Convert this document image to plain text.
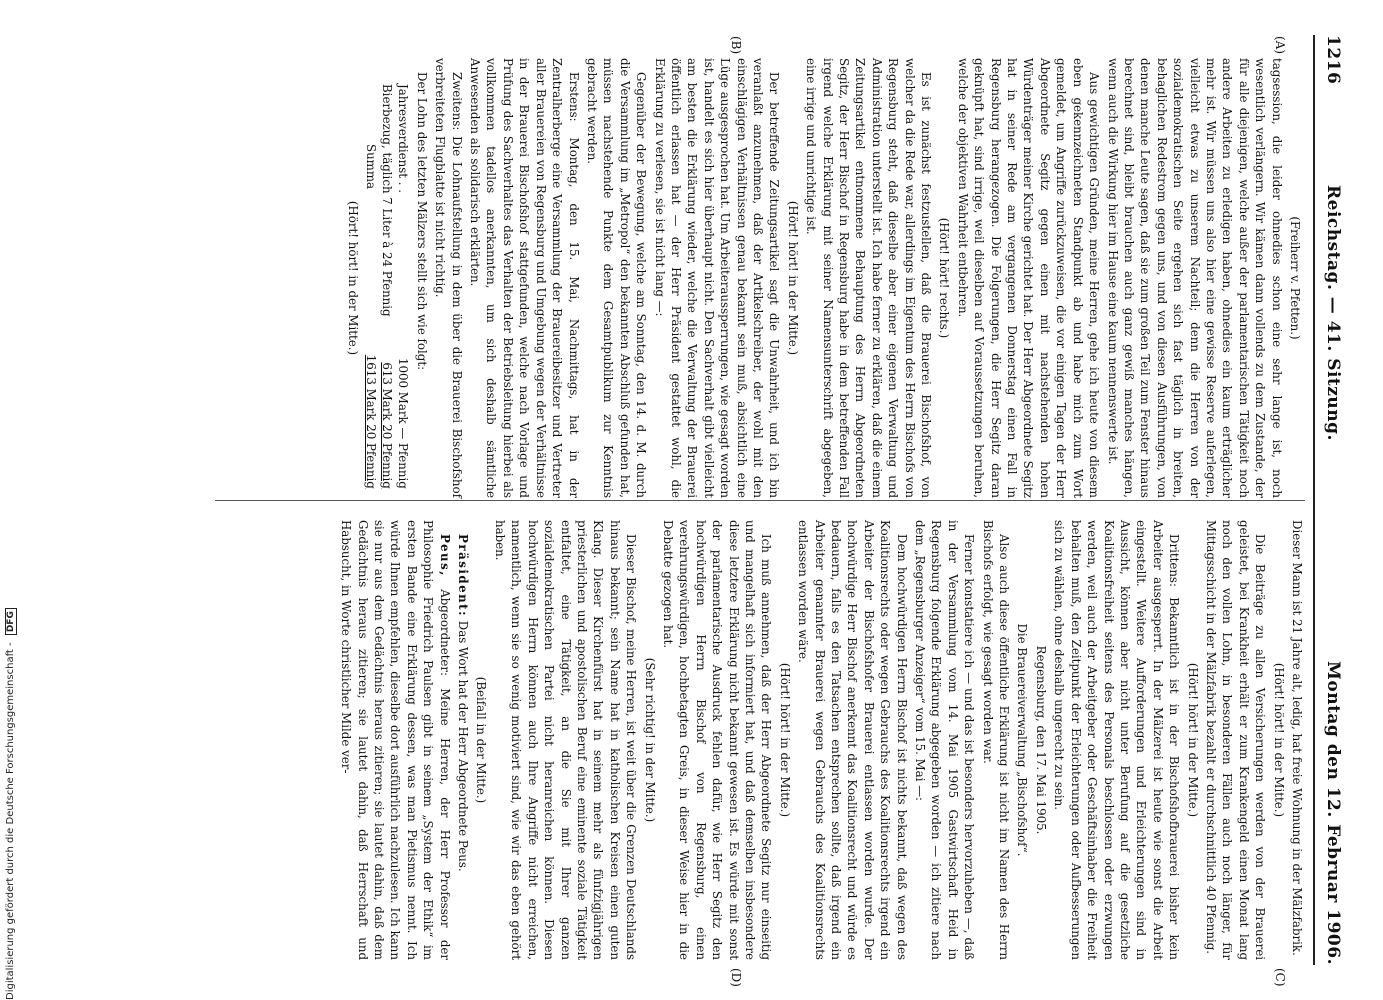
1216
Reichstag. — 41. Sitzung.
Montag den 12. Februar 1906.
(A)
(B)
(C)
(D)

(Freiherr v. Pfetten.)

tagsession, die leider ohnedies schon eine sehr lange ist, noch wesentlich verlängern. Wir kämen dann vollends zu dem Zustande, der für alle diejenigen, welche außer der parlamentarischen Tätigkeit noch andere Arbeiten zu erledigen haben, ohnedies ein kaum erträglicher mehr ist. Wir müssen uns also hier eine gewisse Reserve auferlegen, vielleicht etwas zu unserem Nachteil; denn die Herren von der sozialdemokratischen Seite ergehen sich fast täglich in breiten, behaglichen Redestrom gegen uns, und von diesen Ausführungen, von denen manche Leute sagen, daß sie zum großen Teil zum Fenster hinaus berechnet sind, bleibt brauchen auch ganz gewiß manches hängen, wenn auch die Wirkung hier im Hause eine kaum nennenswerte ist.

Aus gewichtigen Gründen, meine Herren, gehe ich heute von diesem eben gekennzeichneten Standpunkt ab und habe mich zum Wort gemeldet, um Angriffe zurückzuweisen, die vor einigen Tagen der Herr Abgeordnete Segitz gegen einen mit nachstehenden hohen Würdenträger meiner Kirche gerichtet hat. Der Herr Abgeordnete Segitz hat in seiner Rede am vergangenen Donnerstag einen Fall in Regensburg herangezogen. Die Folgerungen, die Herr Segitz daran geknüpft hat, sind irrige, weil dieselben auf Voraussetzungen beruhen, welche der objektiven Wahrheit entbehren.

(Hört! hört! rechts.)

Es ist zunächst festzustellen, daß die Brauerei Bischofshof, von welcher da die Rede war, allerdings im Eigentum des Herrn Bischofs von Regensburg steht, daß dieselbe aber einer eigenen Verwaltung und Administration unterstellt ist. Ich habe ferner zu erklären, daß die einem Zeitungsartikel entnommene Behauptung des Herrn Abgeordneten Segitz, der Herr Bischof in Regensburg habe in dem betreffenden Fall irgend welche Erklärung mit seiner Namensunterschrift abgegeben, eine irrige und unrichtige ist.

(Hört! hört! in der Mitte.)

Der betreffende Zeitungsartikel sagt die Unwahrheit, und ich bin veranlaßt anzunehmen, daß der Artikelschreiber, der wohl mit den einschlägigen Verhältnissen genau bekannt sein muß, absichtlich eine Lüge ausgesprochen hat. Um Arbeiteraussperrungen, wie gesagt worden ist, handelt es sich hier überhaupt nicht. Den Sachverhalt gibt vielleicht am besten die Erklärung wieder, welche die Verwaltung der Brauerei öffentlich erlassen hat — der Herr Präsident gestattet wohl, die Erklärung zu verlesen, sie ist nicht lang —:

Gegenüber der Bewegung, welche am Sonntag, den 14. d. M. durch die Versammlung im „Metropol“ den bekannten Abschluß gefunden hat, müssen nachstehende Punkte dem Gesamtpublikum zur Kenntnis gebracht werden.

Erstens: Montag, den 15. Mai, Nachmittags, hat in der Zentralherberge eine Versammlung der Brauereibesitzer und Vertreter aller Brauereien von Regensburg und Umgebung wegen der Verhältnisse in der Brauerei Bischofshof stattgefunden, welche nach Vorlage und Prüfung des Sachverhaltes das Verhalten der Betriebsleitung hierbei als vollkommen tadellos anerkannten, um sich deshalb sämtliche Anwesenden als solidarisch erklärten.

Zweitens: Die Lohnaufstellung in dem über die Brauerei Bischofshof verbreiteten Flugblatte ist nicht richtig.

Der Lohn des letzten Mälzers stellt sich wie folgt:

Jahresverdienst . .
1000 Mark — Pfennig
Bierbezug, täglich 7 Liter à 24 Pfennig
613 Mark 20 Pfennig
Summa
1613 Mark 20 Pfennig

(Hört! hört! in der Mitte.)

Dieser Mann ist 21 Jahre alt, ledig, hat freie Wohnung in der Mälzfabrik.

(Hört! hört! in der Mitte.)

Die Beiträge zu allen Versicherungen werden von der Brauerei geleistet, bei Krankheit erhält er zum Krankengeld einen Monat lang noch den vollen Lohn, in besonderen Fällen auch noch länger, für Mittagsschicht in der Mälzfabrik bezahlt er durchschnittlich 40 Pfennig.

(Hört! hört! in der Mitte.)

Drittens: Bekanntlich ist in der Bischofshofbrauerei bisher kein Arbeiter ausgesperrt. In der Mälzerei ist heute wie sonst die Arbeit eingestellt. Weitere Aufforderungen und Erleichterungen sind in Aussicht, können aber nicht unter Berufung auf die gesetzliche Koalitionsfreiheit seitens des Personals beschlossen oder erzwungen werden, weil auch der Arbeitgeber oder Geschäftsinhaber die Freiheit behalten muß, den Zeitpunkt der Erleichterungen oder Aufbesserungen sich zu wählen, ohne deshalb ungerecht zu sein.

Regensburg, den 17. Mai 1905.

Die Brauereiverwaltung „Bischofshof“.

Also auch diese öffentliche Erklärung ist nicht im Namen des Herrn Bischofs erfolgt, wie gesagt worden war.

Ferner konstatiere ich — und das ist besonders hervorzuheben —, daß in der Versammlung vom 14. Mai 1905 Gastwirtschaft Heid in Regensburg folgende Erklärung abgegeben worden — ich zitiere nach dem „Regensburger Anzeiger“ vom 15. Mai —:

Dem hochwürdigen Herrn Bischof ist nichts bekannt, daß wegen des Koalitionsrechts oder wegen Gebrauchs des Koalitionsrechts irgend ein Arbeiter der Bischofshofer Brauerei entlassen worden wurde. Der hochwürdige Herr Bischof anerkennt das Koalitionsrecht und würde es bedauern, falls es den Tatsachen entsprechen sollte, daß irgend ein Arbeiter genannter Brauerei wegen Gebrauchs des Koalitionsrechts entlassen worden wäre.

(Hört! hört! in der Mitte.)

Ich muß annehmen, daß der Herr Abgeordnete Segitz nur einseitig und mangelhaft sich informiert hat, und daß demselben insbesondere diese letztere Erklärung nicht bekannt gewesen ist. Es würde mit sonst der parlamentarische Ausdruck fehlen dafür, wie Herr Segitz den hochwürdigen Herrn Bischof von Regensburg, einen verehrungswürdigen, hochbetagten Greis, in dieser Weise hier in die Debatte gezogen hat.

(Sehr richtig! in der Mitte.)

Dieser Bischof, meine Herren, ist weit über die Grenzen Deutschlands hinaus bekannt; sein Name hat in katholischen Kreisen einen guten Klang. Dieser Kirchenfürst hat in seinem mehr als fünfzigjährigen priesterlichen und apostolischen Beruf eine eminente soziale Tätigkeit entfaltet, eine Tätigkeit, an die Sie mit Ihrer ganzen sozialdemokratischen Partei nicht heranreichen können. Diesen hochwürdigen Herrn können auch Ihre Angriffe nicht erreichen, namentlich, wenn sie so wenig motiviert sind, wie wir das eben gehört haben.

(Beifall in der Mitte.)

Präsident: Das Wort hat der Herr Abgeordnete Peus.

Peus, Abgeordneter: Meine Herren, der Herr Professor der Philosophie Friedrich Paulsen gibt in seinem „System der Ethik“ im ersten Bande eine Erklärung dessen, was man Pietismus nennt. Ich würde Ihnen empfehlen, dieselbe dort ausführlich nachzulesen. Ich kann sie nur aus dem Gedächtnis heraus zitieren; sie lautet dahin, daß dem Gedächtnis heraus zitieren; sie lautet dahin, daß Herrschaft und Habsucht, in Worte christlicher Milde ver-

Digitalisierung gefördert durch die Deutsche Forschungsgemeinschaft - DFG
